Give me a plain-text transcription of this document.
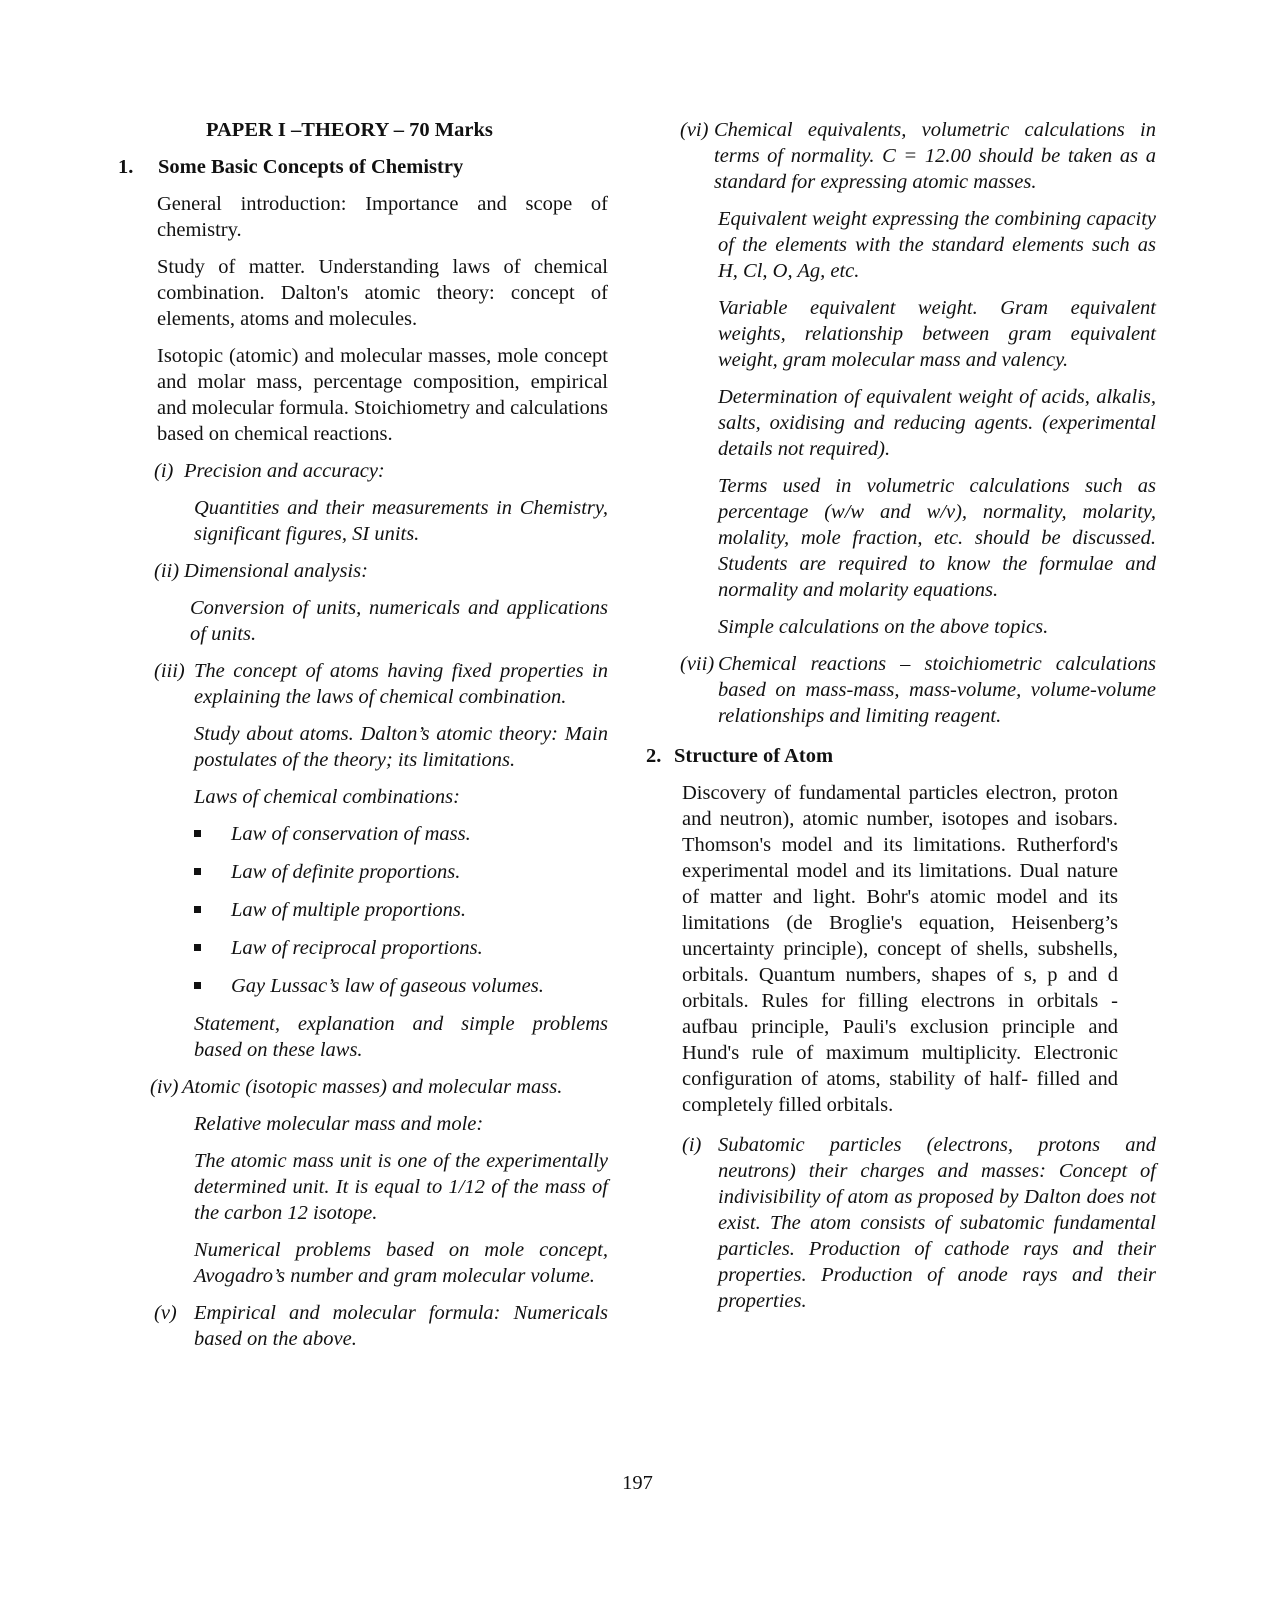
PAPER I –THEORY – 70 Marks
1. Some Basic Concepts of Chemistry
General introduction: Importance and scope of chemistry.
Study of matter. Understanding laws of chemical combination. Dalton's atomic theory: concept of elements, atoms and molecules.
Isotopic (atomic) and molecular masses, mole concept and molar mass, percentage composition, empirical and molecular formula. Stoichiometry and calculations based on chemical reactions.
(i) Precision and accuracy:
Quantities and their measurements in Chemistry, significant figures, SI units.
(ii) Dimensional analysis:
Conversion of units, numericals and applications of units.
(iii) The concept of atoms having fixed properties in explaining the laws of chemical combination.
Study about atoms. Dalton’s atomic theory: Main postulates of the theory; its limitations.
Laws of chemical combinations:
Law of conservation of mass.
Law of definite proportions.
Law of multiple proportions.
Law of reciprocal proportions.
Gay Lussac’s law of gaseous volumes.
Statement, explanation and simple problems based on these laws.
(iv) Atomic (isotopic masses) and molecular mass.
Relative molecular mass and mole:
The atomic mass unit is one of the experimentally determined unit. It is equal to 1/12 of the mass of the carbon 12 isotope.
Numerical problems based on mole concept, Avogadro’s number and gram molecular volume.
(v) Empirical and molecular formula: Numericals based on the above.
(vi) Chemical equivalents, volumetric calculations in terms of normality. C = 12.00 should be taken as a standard for expressing atomic masses.
Equivalent weight expressing the combining capacity of the elements with the standard elements such as H, Cl, O, Ag, etc.
Variable equivalent weight. Gram equivalent weights, relationship between gram equivalent weight, gram molecular mass and valency.
Determination of equivalent weight of acids, alkalis, salts, oxidising and reducing agents. (experimental details not required).
Terms used in volumetric calculations such as percentage (w/w and w/v), normality, molarity, molality, mole fraction, etc. should be discussed. Students are required to know the formulae and normality and molarity equations.
Simple calculations on the above topics.
(vii) Chemical reactions – stoichiometric calculations based on mass-mass, mass-volume, volume-volume relationships and limiting reagent.
2. Structure of Atom
Discovery of fundamental particles electron, proton and neutron), atomic number, isotopes and isobars. Thomson's model and its limitations. Rutherford's experimental model and its limitations. Dual nature of matter and light. Bohr's atomic model and its limitations (de Broglie's equation, Heisenberg’s uncertainty principle), concept of shells, subshells, orbitals. Quantum numbers, shapes of s, p and d orbitals. Rules for filling electrons in orbitals - aufbau principle, Pauli's exclusion principle and Hund's rule of maximum multiplicity. Electronic configuration of atoms, stability of half- filled and completely filled orbitals.
(i) Subatomic particles (electrons, protons and neutrons) their charges and masses: Concept of indivisibility of atom as proposed by Dalton does not exist. The atom consists of subatomic fundamental particles. Production of cathode rays and their properties. Production of anode rays and their properties.
197
